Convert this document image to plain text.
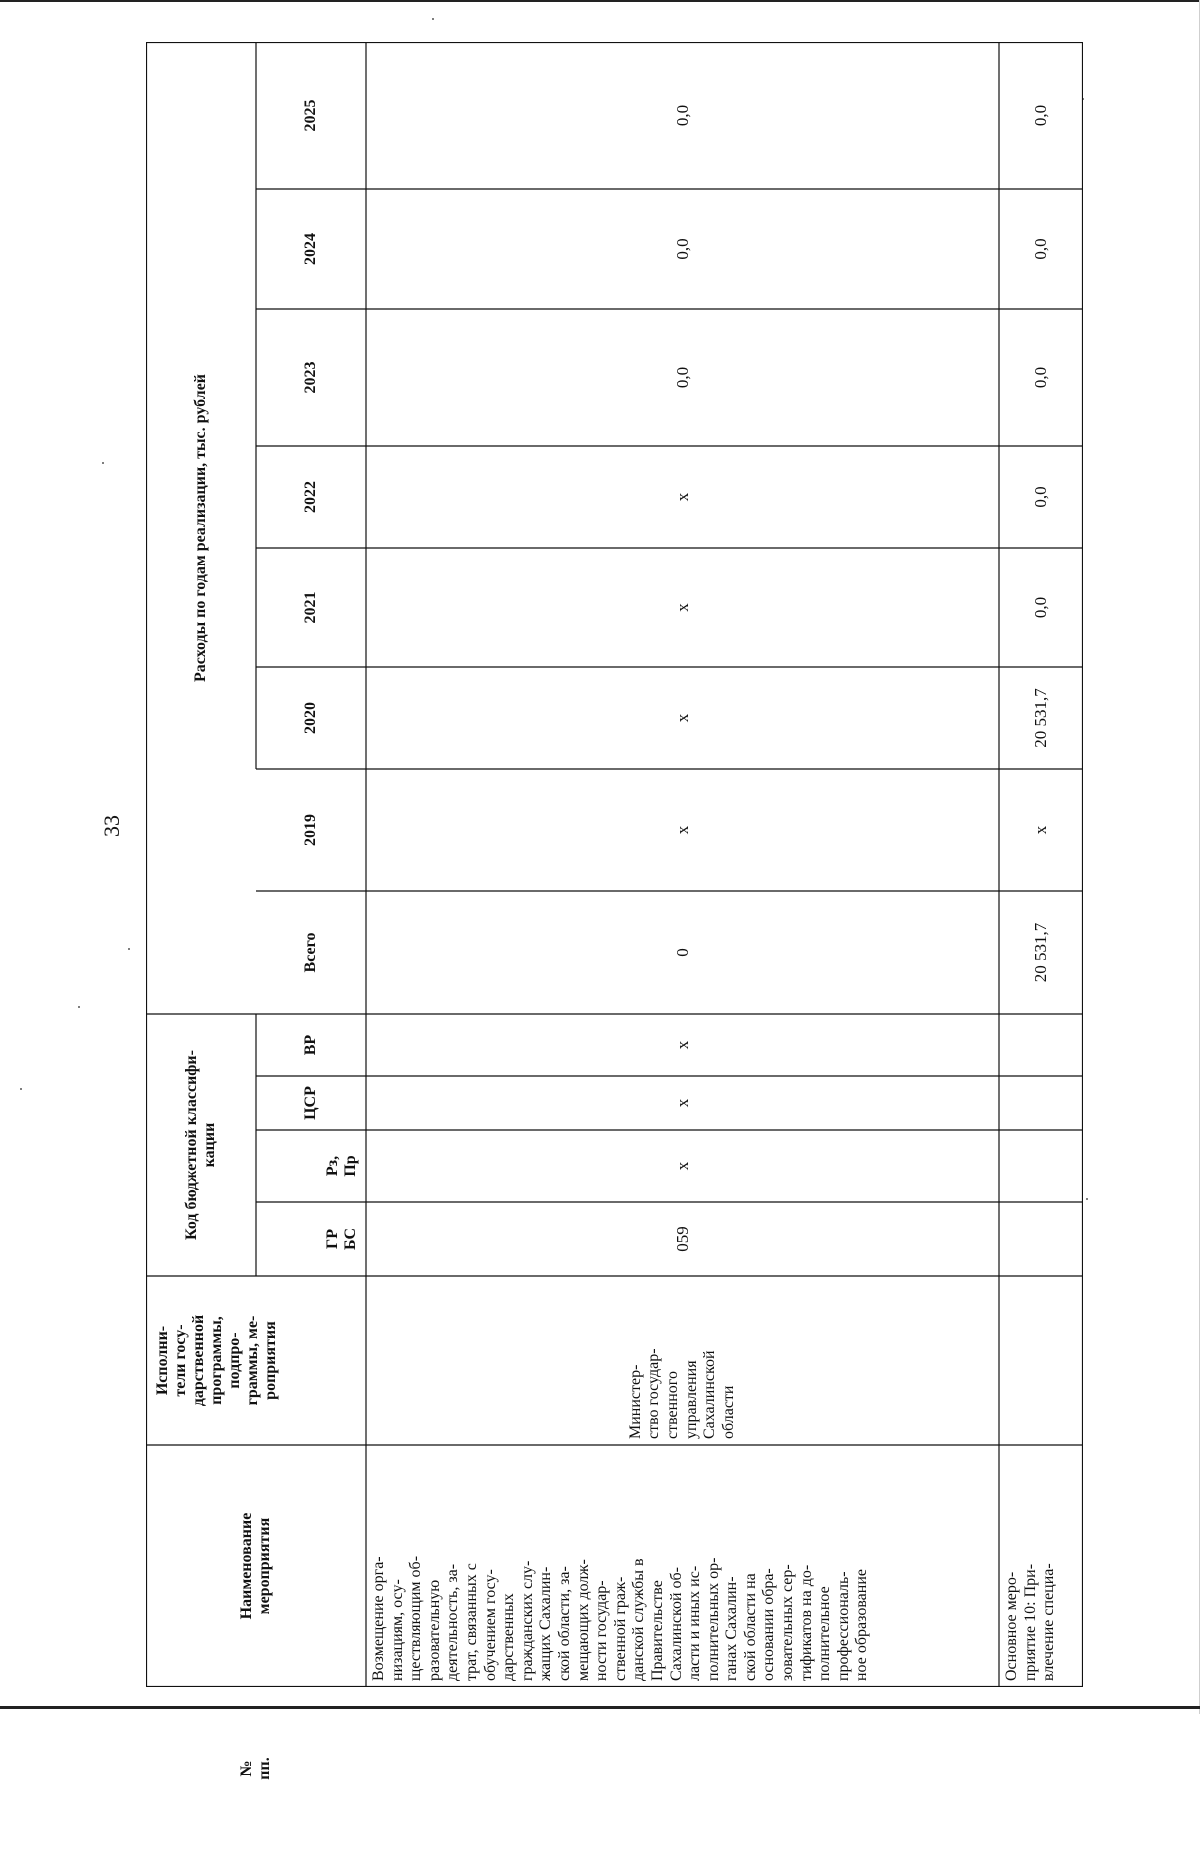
33
Наименование
мероприятия
Исполни-
тели госу-
дарственной
программы,
подпро-
граммы, ме-
роприятия
Код бюджетной классифи-
кации
ГР
БС
Рз,
Пр
ЦСР
ВР
Расходы по годам реализации, тыс. рублей
Всего
2019
2020
2021
2022
2023
2024
2025
Возмещение орга-
низациям, осу-
ществляющим об-
разовательную
деятельность, за-
трат, связанных с
обучением госу-
дарственных
гражданских слу-
жащих Сахалин-
ской области, за-
мещающих долж-
ности государ-
ственной граж-
данской службы в
Правительстве
Сахалинской об-
ласти и иных ис-
полнительных ор-
ганах Сахалин-
ской области на
основании обра-
зовательных сер-
тификатов на до-
полнительное
профессиональ-
ное образование
Министер-
ство государ-
ственного
управления
Сахалинской
области
059
x
x
x
0
x
x
x
x
0,0
0,0
0,0
Основное меро-
приятие 10: При-
влечение специа-
20 531,7
x
20 531,7
0,0
0,0
0,0
0,0
0,0
№
пп.
